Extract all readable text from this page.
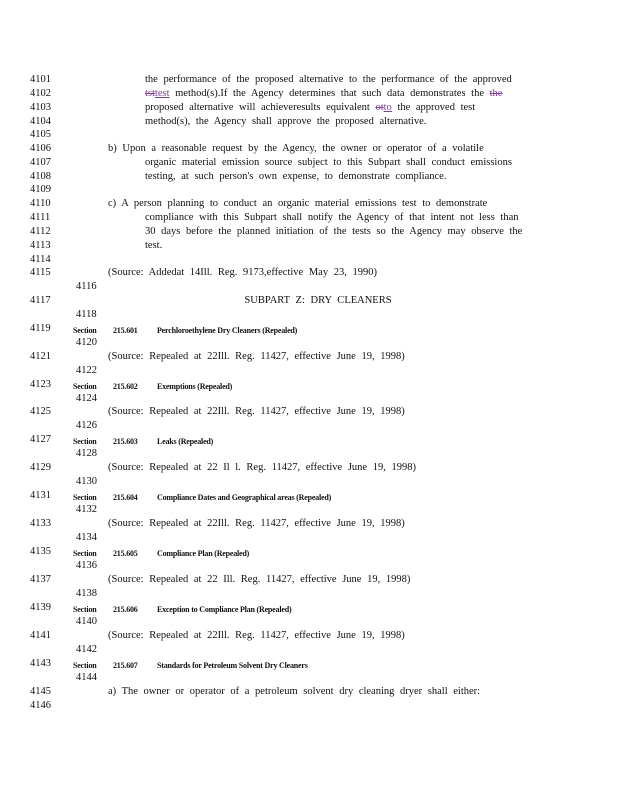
4101
4102
4103
4104
4105
4106
4107
4108
4109
4110
4111
4112
4113
4114
4115
4116
4117
4118
4119
4120
4121
4122
4123
4124
4125
4126
4127
4128
4129
4130
4131
4132
4133
4134
4135
4136
4137
4138
4139
4140
4141
4142
4143
4144
4145
4146
the performance of the proposed alternative to the performance of the approved
tsttest method(s).If the Agency determines that such data demonstrates the the
proposed alternative will achieveresults equivalent otto the approved test
method(s), the Agency shall approve the proposed alternative.
b) Upon a reasonable request by the Agency, the owner or operator of a volatile
organic material emission source subject to this Subpart shall conduct emissions
testing, at such person's own expense, to demonstrate compliance.
c) A person planning to conduct an organic material emissions test to demonstrate
compliance with this Subpart shall notify the Agency of that intent not less than
30 days before the planned initiation of the tests so the Agency may observe the
test.
(Source: Addedat 14Ill. Reg. 9173,effective May 23, 1990)
SUBPART Z: DRY CLEANERS
Section 215.601 Perchloroethylene Dry Cleaners (Repealed)
(Source: Repealed at 22Ill. Reg. 11427, effective June 19, 1998)
Section 215.602 Exemptions (Repealed)
(Source: Repealed at 22Ill. Reg. 11427, effective June 19, 1998)
Section 215.603 Leaks (Repealed)
(Source: Repealed at 22 Il l. Reg. 11427, effective June 19, 1998)
Section 215.604 Compliance Dates and Geographical areas (Repealed)
(Source: Repealed at 22Ill. Reg. 11427, effective June 19, 1998)
Section 215.605 Compliance Plan (Repealed)
(Source: Repealed at 22 Ill. Reg. 11427, effective June 19, 1998)
Section 215.606 Exception to Compliance Plan (Repealed)
(Source: Repealed at 22Ill. Reg. 11427, effective June 19, 1998)
Section 215.607 Standards for Petroleum Solvent Dry Cleaners
a) The owner or operator of a petroleum solvent dry cleaning dryer shall either:
